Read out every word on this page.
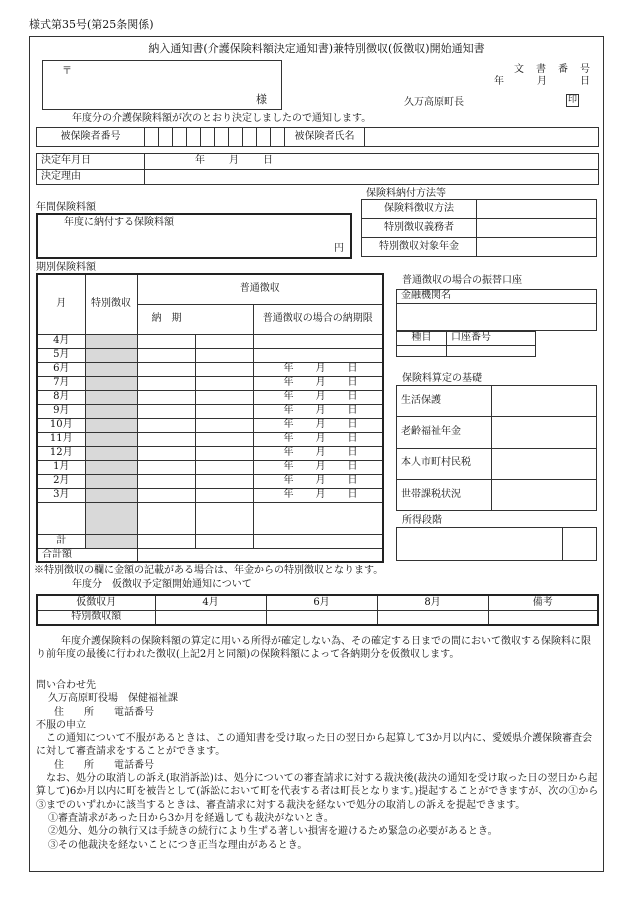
様式第35号(第25条関係)
納入通知書(介護保険料額決定通知書)兼特別徴収(仮徴収)開始通知書
〒
様
文　書　番　号
年	月	日
久万高原町長	印
年度分の介護保険料額が次のとおり決定しましたので通知します。
被保険者番号											被保険者氏名	
決定年月日	年 月 日
決定理由	
年間保険料額
年度に納付する保険料額
円
保険料納付方法等
保険料徴収方法	
特別徴収義務者	
特別徴収対象年金	
期別保険料額
月	特別徴収	普通徴収		
		納　期		普通徴収の場合の納期限
4月				
5月				
6月				年 月 日
7月				年 月 日
8月				年 月 日
9月				年 月 日
10月				年 月 日
11月				年 月 日
12月				年 月 日
1月				年 月 日
2月				年 月 日
3月				年 月 日

計				
合計額				
普通徴収の場合の振替口座
金融機関名

種目	口座番号

保険料算定の基礎
生活保護	
老齢福祉年金	
本人市町村民税	
世帯課税状況	
所得段階

※特別徴収の欄に金額の記載がある場合は、年金からの特別徴収となります。
年度分　仮徴収予定額開始通知について
仮徴収月	4月	6月	8月	備考
特別徴収額				
年度介護保険料の保険料額の算定に用いる所得が確定しない為、その確定する日までの間において徴収する保険料に限り前年度の最後に行われた徴収(上記2月と同額)の保険料額によって各納期分を仮徴収します。
問い合わせ先
久万高原町役場　保健福祉課
住　　所　　電話番号
不服の申立
この通知について不服があるときは、この通知書を受け取った日の翌日から起算して3か月以内に、愛媛県介護保険審査会に対して審査請求をすることができます。
住　　所　　電話番号
なお、処分の取消しの訴え(取消訴訟)は、処分についての審査請求に対する裁決後(裁決の通知を受け取った日の翌日から起算して)6か月以内に町を被告として(訴訟において町を代表する者は町長となります。)提起することができますが、次の①から③までのいずれかに該当するときは、審査請求に対する裁決を経ないで処分の取消しの訴えを提起できます。
①審査請求があった日から3か月を経過しても裁決がないとき。
②処分、処分の執行又は手続きの続行により生ずる著しい損害を避けるため緊急の必要があるとき。
③その他裁決を経ないことにつき正当な理由があるとき。
